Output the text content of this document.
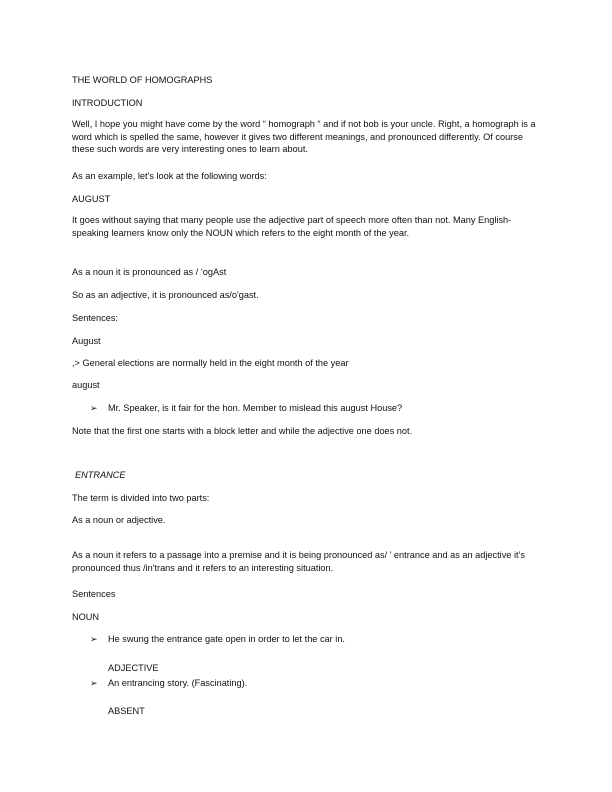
THE WORLD OF HOMOGRAPHS
INTRODUCTION
Well, I hope you might have come by the word “ homograph “ and if not bob is your uncle. Right, a homograph is a word which is spelled the same, however it gives two different meanings, and pronounced differently. Of course these such words are very interesting ones to learn about.
As an example, let's look at the following words:
AUGUST
It goes without saying that many people use the adjective part of speech more often than not. Many English-speaking learners know only the NOUN which refers to the eight month of the year.
As a noun it is pronounced as / ‘ogAst
So as an adjective, it is pronounced as/o'gast.
Sentences:
August
,> General elections are normally held in the eight month of the year
august
➢ Mr. Speaker, is it fair for the hon. Member to mislead this august House?
Note that the first one starts with a block letter and while the adjective one does not.
ENTRANCE
The term is divided into two parts:
As a noun or adjective.
As a noun it refers to a passage into a premise and it is being pronounced as/ ’ entrance and as an adjective it’s pronounced thus /in'trans and it refers to an interesting situation.
Sentences
NOUN
➢ He swung the entrance gate open in order to let the car in.
ADJECTIVE
➢ An entrancing story. (Fascinating).
ABSENT
